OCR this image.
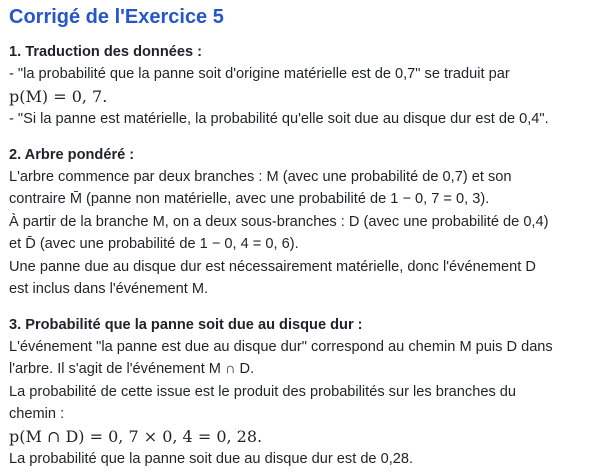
Corrigé de l'Exercice 5
1. Traduction des données :
- "la probabilité que la panne soit d'origine matérielle est de 0,7" se traduit par
p(M) = 0, 7.
- "Si la panne est matérielle, la probabilité qu'elle soit due au disque dur est de 0,4".
2. Arbre pondéré :
L'arbre commence par deux branches : M (avec une probabilité de 0,7) et son
contraire M̄ (panne non matérielle, avec une probabilité de 1 − 0, 7 = 0, 3).
À partir de la branche M, on a deux sous-branches : D (avec une probabilité de 0,4)
et D̄ (avec une probabilité de 1 − 0, 4 = 0, 6).
Une panne due au disque dur est nécessairement matérielle, donc l'événement D
est inclus dans l'événement M.
3. Probabilité que la panne soit due au disque dur :
L'événement "la panne est due au disque dur" correspond au chemin M puis D dans
l'arbre. Il s'agit de l'événement M ∩ D.
La probabilité de cette issue est le produit des probabilités sur les branches du
chemin :
p(M ∩ D) = 0, 7 × 0, 4 = 0, 28.
La probabilité que la panne soit due au disque dur est de 0,28.
